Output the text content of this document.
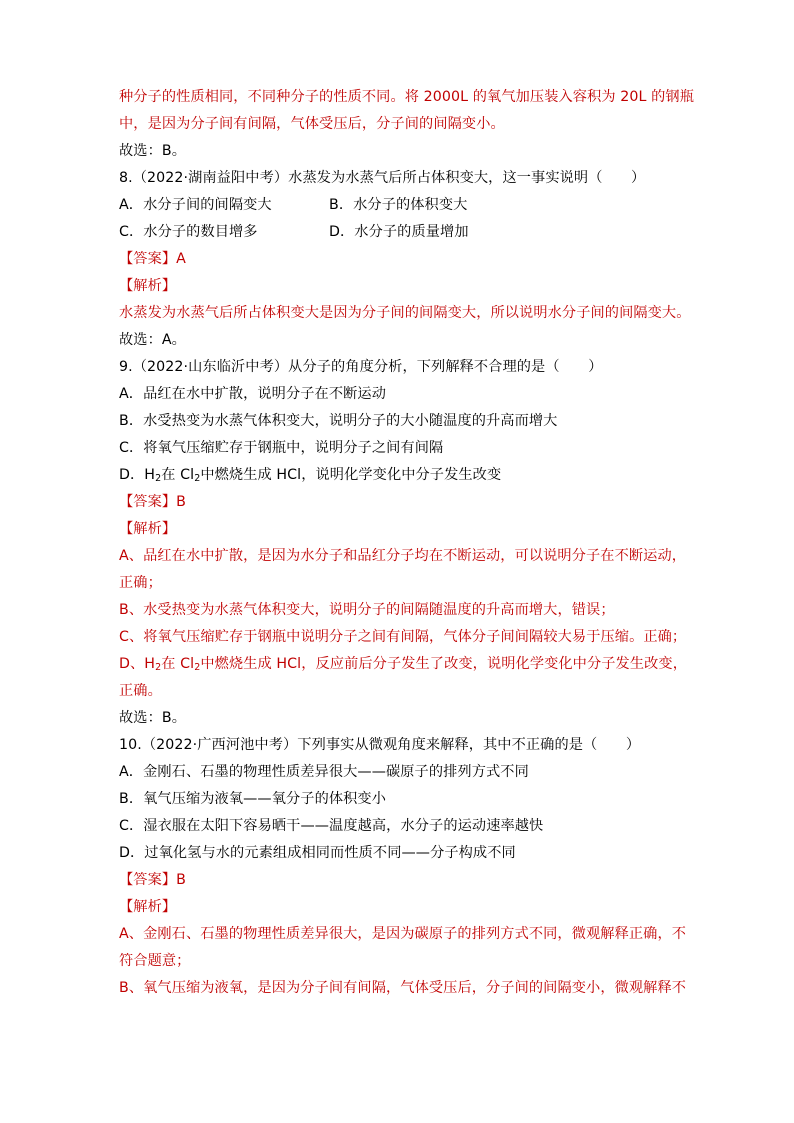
种分子的性质相同，不同种分子的性质不同。将 2000L 的氧气加压装入容积为 20L 的钢瓶
中，是因为分子间有间隔，气体受压后，分子间的间隔变小。
故选：B。
8.（2022·湖南益阳中考）水蒸发为水蒸气后所占体积变大，这一事实说明（　　）
A．水分子间的间隔变大	B．水分子的体积变大
C．水分子的数目增多	D．水分子的质量增加
【答案】A
【解析】
水蒸发为水蒸气后所占体积变大是因为分子间的间隔变大，所以说明水分子间的间隔变大。
故选：A。
9.（2022·山东临沂中考）从分子的角度分析，下列解释不合理的是（　　）
A．品红在水中扩散，说明分子在不断运动
B．水受热变为水蒸气体积变大，说明分子的大小随温度的升高而增大
C．将氧气压缩贮存于钢瓶中，说明分子之间有间隔
D．$H_2$在 $Cl_2$中燃烧生成 HCl，说明化学变化中分子发生改变
【答案】B
【解析】
A、品红在水中扩散，是因为水分子和品红分子均在不断运动，可以说明分子在不断运动，
正确；
B、水受热变为水蒸气体积变大，说明分子的间隔随温度的升高而增大，错误；
C、将氧气压缩贮存于钢瓶中说明分子之间有间隔，气体分子间间隔较大易于压缩。正确；
D、$H_2$在 $Cl_2$中燃烧生成 HCl，反应前后分子发生了改变，说明化学变化中分子发生改变，
正确。
故选：B。
10.（2022·广西河池中考）下列事实从微观角度来解释，其中不正确的是（　　）
A．金刚石、石墨的物理性质差异很大——碳原子的排列方式不同
B．氧气压缩为液氧——氧分子的体积变小
C．湿衣服在太阳下容易晒干——温度越高，水分子的运动速率越快
D．过氧化氢与水的元素组成相同而性质不同——分子构成不同
【答案】B
【解析】
A、金刚石、石墨的物理性质差异很大，是因为碳原子的排列方式不同，微观解释正确，不
符合题意；
B、氧气压缩为液氧，是因为分子间有间隔，气体受压后，分子间的间隔变小，微观解释不
